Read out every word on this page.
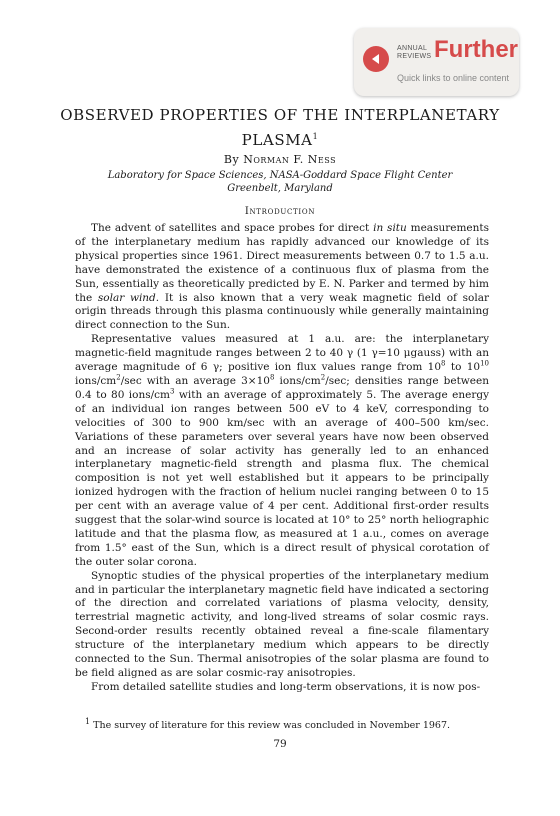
ANNUAL
REVIEWS Further
Quick links to online content
OBSERVED PROPERTIES OF THE INTERPLANETARY PLASMA$^1$
By Norman F. Ness
Laboratory for Space Sciences, NASA-Goddard Space Flight Center
Greenbelt, Maryland
Introduction

The advent of satellites and space probes for direct in situ measurements of the interplanetary medium has rapidly advanced our knowledge of its physical properties since 1961. Direct measurements between 0.7 to 1.5 a.u. have demonstrated the existence of a continuous flux of plasma from the Sun, essentially as theoretically predicted by E. N. Parker and termed by him the solar wind. It is also known that a very weak magnetic field of solar origin threads through this plasma continuously while generally maintaining direct connection to the Sun.

Representative values measured at 1 a.u. are: the interplanetary magnetic-field magnitude ranges between 2 to 40 γ (1 γ=10 μgauss) with an average magnitude of 6 γ; positive ion flux values range from $10^8$ to $10^{10}$ ions/$cm^2/\sec$ with an average $3\times 10^8$ ions/$cm^2/\sec$; densities range between 0.4 to 80 ions/$cm^3$ with an average of approximately 5. The average energy of an individual ion ranges between 500 eV to 4 keV, corresponding to velocities of 300 to 900 km/sec with an average of 400–500 km/sec. Variations of these parameters over several years have now been observed and an increase of solar activity has generally led to an enhanced interplanetary magnetic-field strength and plasma flux. The chemical composition is not yet well established but it appears to be principally ionized hydrogen with the fraction of helium nuclei ranging between 0 to 15 per cent with an average value of 4 per cent. Additional first-order results suggest that the solar-wind source is located at 10° to 25° north heliographic latitude and that the plasma flow, as measured at 1 a.u., comes on average from 1.5° east of the Sun, which is a direct result of physical corotation of the outer solar corona.

Synoptic studies of the physical properties of the interplanetary medium and in particular the interplanetary magnetic field have indicated a sectoring of the direction and correlated variations of plasma velocity, density, terrestrial magnetic activity, and long-lived streams of solar cosmic rays. Second-order results recently obtained reveal a fine-scale filamentary structure of the interplanetary medium which appears to be directly connected to the Sun. Thermal anisotropies of the solar plasma are found to be field aligned as are solar cosmic-ray anisotropies.

From detailed satellite studies and long-term observations, it is now pos-

$^1$ The survey of literature for this review was concluded in November 1967.
79
